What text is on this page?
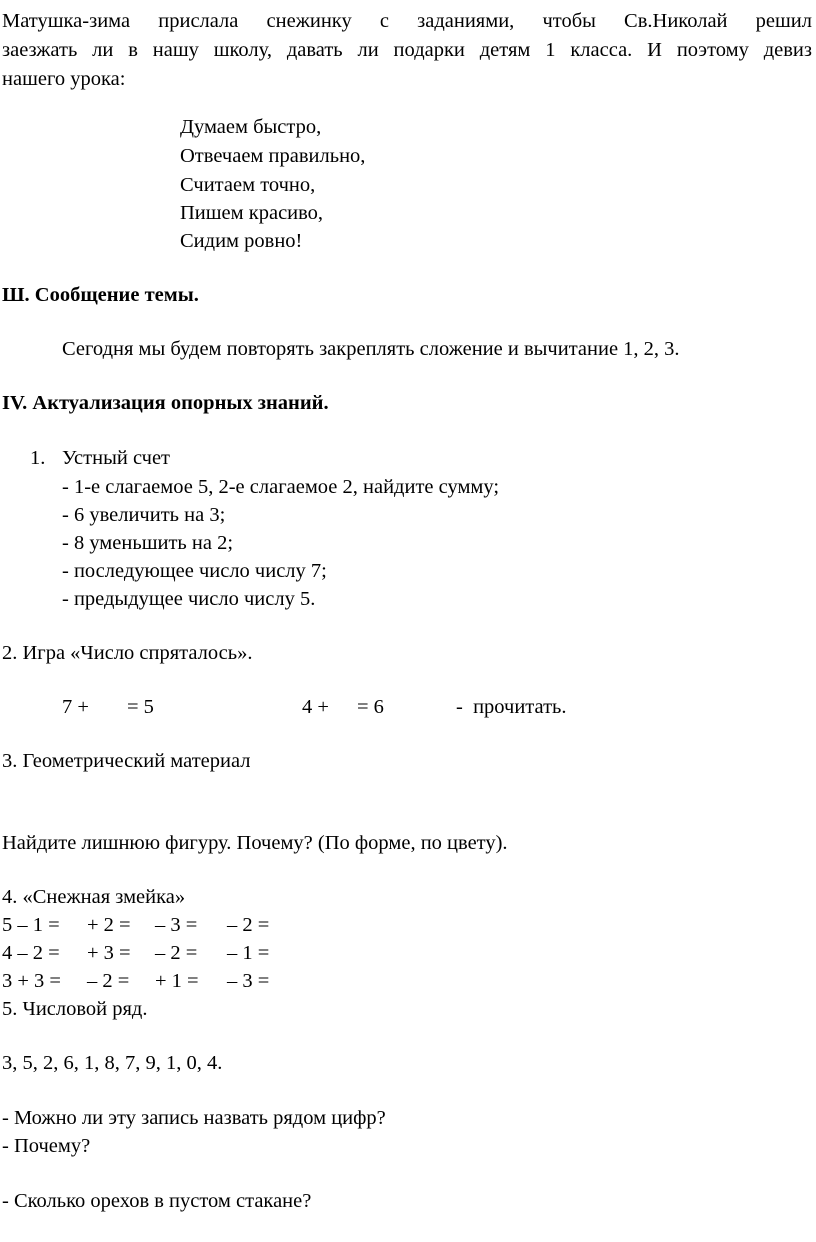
Матушка-зима прислала снежинку с заданиями, чтобы Св.Николай решил
заезжать ли в нашу школу, давать ли подарки детям 1 класса. И поэтому девиз
нашего урока:
Думаем быстро,
Отвечаем правильно,
Считаем точно,
Пишем красиво,
Сидим ровно!
Ш. Сообщение темы.
Сегодня мы будем повторять закреплять сложение и вычитание 1, 2, 3.
IV. Актуализация опорных знаний.
1. Устный счет
- 1-е слагаемое 5, 2-е слагаемое 2, найдите сумму;
- 6 увеличить на 3;
- 8 уменьшить на 2;
- последующее число числу 7;
- предыдущее число числу 5.
2. Игра «Число спряталось».
7 + = 5	4 + = 6	-  прочитать.
3. Геометрический материал
Найдите лишнюю фигуру. Почему? (По форме, по цвету).
4. «Снежная змейка»
5 – 1 = + 2 = – 3 = – 2 =
4 – 2 = + 3 = – 2 = – 1 =
3 + 3 = – 2 = + 1 = – 3 =
5. Числовой ряд.
3, 5, 2, 6, 1, 8, 7, 9, 1, 0, 4.
- Можно ли эту запись назвать рядом цифр?
- Почему?
- Сколько орехов в пустом стакане?
